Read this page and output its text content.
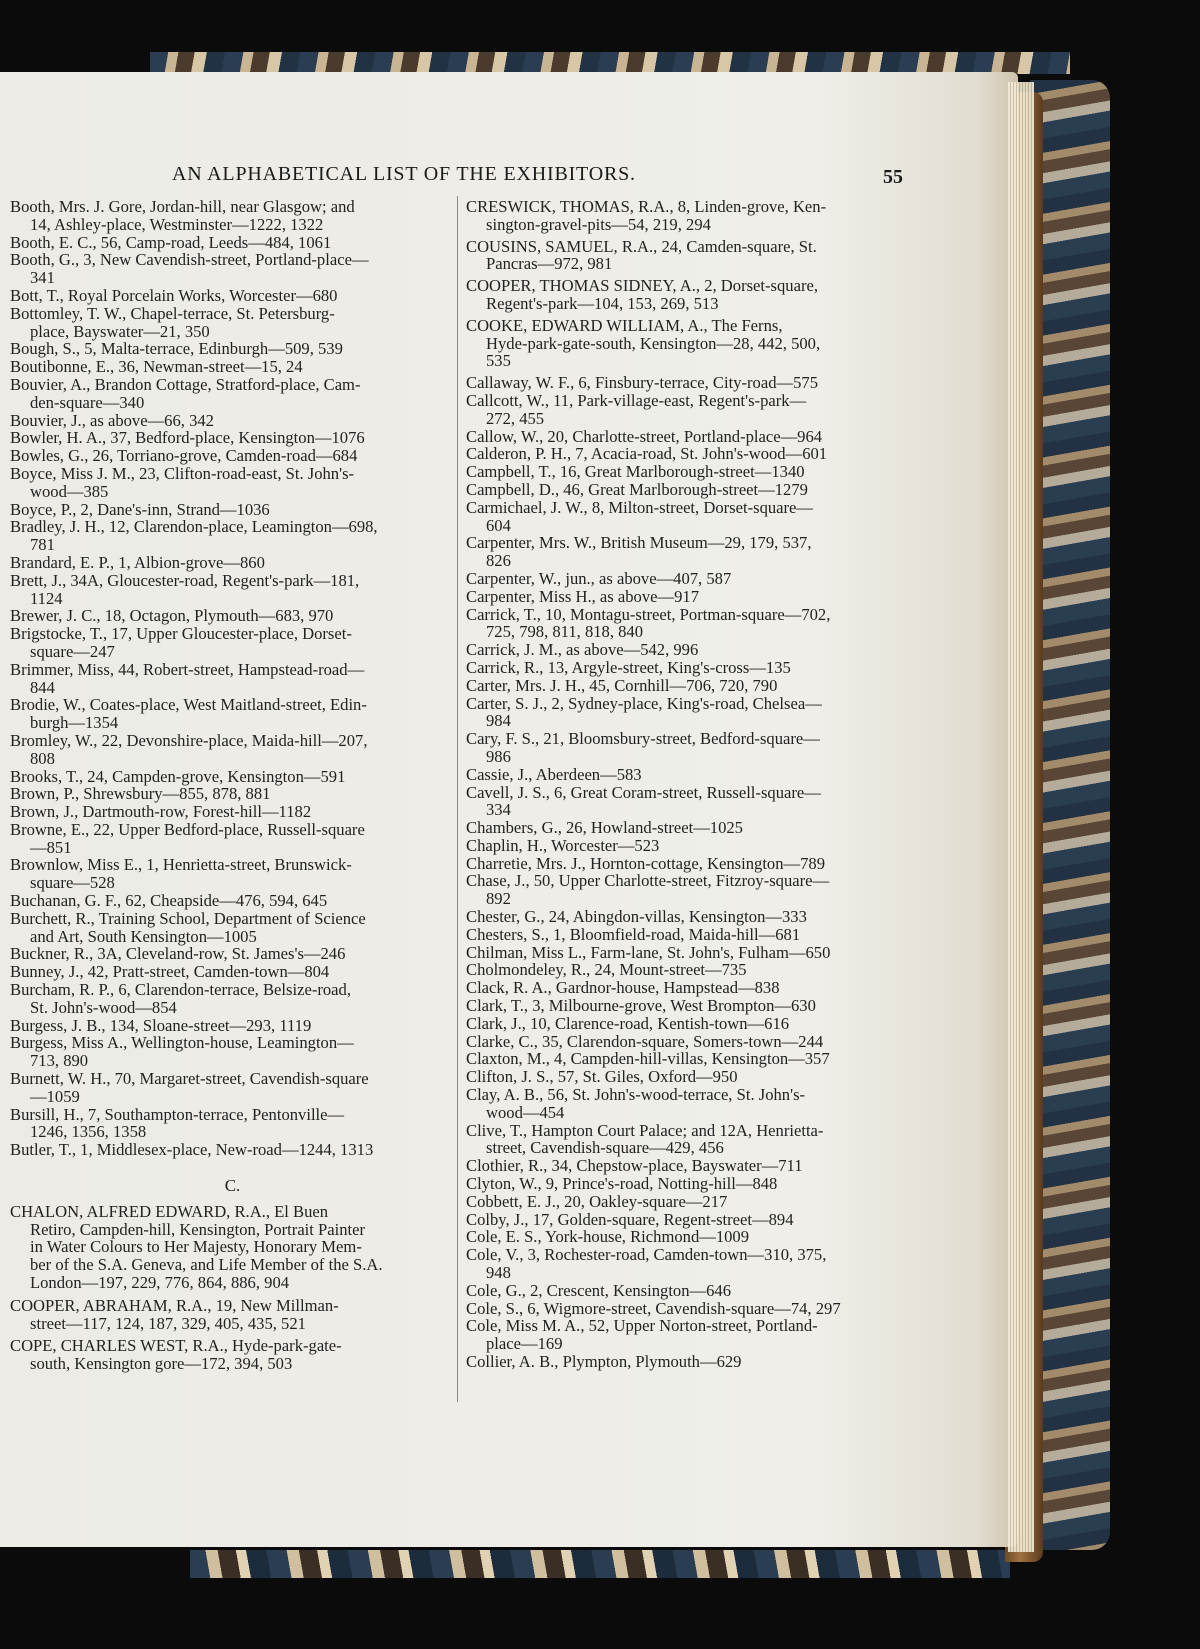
AN ALPHABETICAL LIST OF THE EXHIBITORS.	55
Booth, Mrs. J. Gore, Jordan-hill, near Glasgow; and
14, Ashley-place, Westminster—1222, 1322
Booth, E. C., 56, Camp-road, Leeds—484, 1061
Booth, G., 3, New Cavendish-street, Portland-place—
341
Bott, T., Royal Porcelain Works, Worcester—680
Bottomley, T. W., Chapel-terrace, St. Petersburg-
place, Bayswater—21, 350
Bough, S., 5, Malta-terrace, Edinburgh—509, 539
Boutibonne, E., 36, Newman-street—15, 24
Bouvier, A., Brandon Cottage, Stratford-place, Cam-
den-square—340
Bouvier, J., as above—66, 342
Bowler, H. A., 37, Bedford-place, Kensington—1076
Bowles, G., 26, Torriano-grove, Camden-road—684
Boyce, Miss J. M., 23, Clifton-road-east, St. John's-
wood—385
Boyce, P., 2, Dane's-inn, Strand—1036
Bradley, J. H., 12, Clarendon-place, Leamington—698,
781
Brandard, E. P., 1, Albion-grove—860
Brett, J., 34A, Gloucester-road, Regent's-park—181,
1124
Brewer, J. C., 18, Octagon, Plymouth—683, 970
Brigstocke, T., 17, Upper Gloucester-place, Dorset-
square—247
Brimmer, Miss, 44, Robert-street, Hampstead-road—
844
Brodie, W., Coates-place, West Maitland-street, Edin-
burgh—1354
Bromley, W., 22, Devonshire-place, Maida-hill—207,
808
Brooks, T., 24, Campden-grove, Kensington—591
Brown, P., Shrewsbury—855, 878, 881
Brown, J., Dartmouth-row, Forest-hill—1182
Browne, E., 22, Upper Bedford-place, Russell-square
—851
Brownlow, Miss E., 1, Henrietta-street, Brunswick-
square—528
Buchanan, G. F., 62, Cheapside—476, 594, 645
Burchett, R., Training School, Department of Science
and Art, South Kensington—1005
Buckner, R., 3A, Cleveland-row, St. James's—246
Bunney, J., 42, Pratt-street, Camden-town—804
Burcham, R. P., 6, Clarendon-terrace, Belsize-road,
St. John's-wood—854
Burgess, J. B., 134, Sloane-street—293, 1119
Burgess, Miss A., Wellington-house, Leamington—
713, 890
Burnett, W. H., 70, Margaret-street, Cavendish-square
—1059
Bursill, H., 7, Southampton-terrace, Pentonville—
1246, 1356, 1358
Butler, T., 1, Middlesex-place, New-road—1244, 1313
C.
CHALON, ALFRED EDWARD, R.A., El Buen
Retiro, Campden-hill, Kensington, Portrait Painter
in Water Colours to Her Majesty, Honorary Mem-
ber of the S.A. Geneva, and Life Member of the S.A.
London—197, 229, 776, 864, 886, 904
COOPER, ABRAHAM, R.A., 19, New Millman-
street—117, 124, 187, 329, 405, 435, 521
COPE, CHARLES WEST, R.A., Hyde-park-gate-
south, Kensington gore—172, 394, 503
CRESWICK, THOMAS, R.A., 8, Linden-grove, Ken-
sington-gravel-pits—54, 219, 294
COUSINS, SAMUEL, R.A., 24, Camden-square, St.
Pancras—972, 981
COOPER, THOMAS SIDNEY, A., 2, Dorset-square,
Regent's-park—104, 153, 269, 513
COOKE, EDWARD WILLIAM, A., The Ferns,
Hyde-park-gate-south, Kensington—28, 442, 500,
535
Callaway, W. F., 6, Finsbury-terrace, City-road—575
Callcott, W., 11, Park-village-east, Regent's-park—
272, 455
Callow, W., 20, Charlotte-street, Portland-place—964
Calderon, P. H., 7, Acacia-road, St. John's-wood—601
Campbell, T., 16, Great Marlborough-street—1340
Campbell, D., 46, Great Marlborough-street—1279
Carmichael, J. W., 8, Milton-street, Dorset-square—
604
Carpenter, Mrs. W., British Museum—29, 179, 537,
826
Carpenter, W., jun., as above—407, 587
Carpenter, Miss H., as above—917
Carrick, T., 10, Montagu-street, Portman-square—702,
725, 798, 811, 818, 840
Carrick, J. M., as above—542, 996
Carrick, R., 13, Argyle-street, King's-cross—135
Carter, Mrs. J. H., 45, Cornhill—706, 720, 790
Carter, S. J., 2, Sydney-place, King's-road, Chelsea—
984
Cary, F. S., 21, Bloomsbury-street, Bedford-square—
986
Cassie, J., Aberdeen—583
Cavell, J. S., 6, Great Coram-street, Russell-square—
334
Chambers, G., 26, Howland-street—1025
Chaplin, H., Worcester—523
Charretie, Mrs. J., Hornton-cottage, Kensington—789
Chase, J., 50, Upper Charlotte-street, Fitzroy-square—
892
Chester, G., 24, Abingdon-villas, Kensington—333
Chesters, S., 1, Bloomfield-road, Maida-hill—681
Chilman, Miss L., Farm-lane, St. John's, Fulham—650
Cholmondeley, R., 24, Mount-street—735
Clack, R. A., Gardnor-house, Hampstead—838
Clark, T., 3, Milbourne-grove, West Brompton—630
Clark, J., 10, Clarence-road, Kentish-town—616
Clarke, C., 35, Clarendon-square, Somers-town—244
Claxton, M., 4, Campden-hill-villas, Kensington—357
Clifton, J. S., 57, St. Giles, Oxford—950
Clay, A. B., 56, St. John's-wood-terrace, St. John's-
wood—454
Clive, T., Hampton Court Palace; and 12A, Henrietta-
street, Cavendish-square—429, 456
Clothier, R., 34, Chepstow-place, Bayswater—711
Clyton, W., 9, Prince's-road, Notting-hill—848
Cobbett, E. J., 20, Oakley-square—217
Colby, J., 17, Golden-square, Regent-street—894
Cole, E. S., York-house, Richmond—1009
Cole, V., 3, Rochester-road, Camden-town—310, 375,
948
Cole, G., 2, Crescent, Kensington—646
Cole, S., 6, Wigmore-street, Cavendish-square—74, 297
Cole, Miss M. A., 52, Upper Norton-street, Portland-
place—169
Collier, A. B., Plympton, Plymouth—629
